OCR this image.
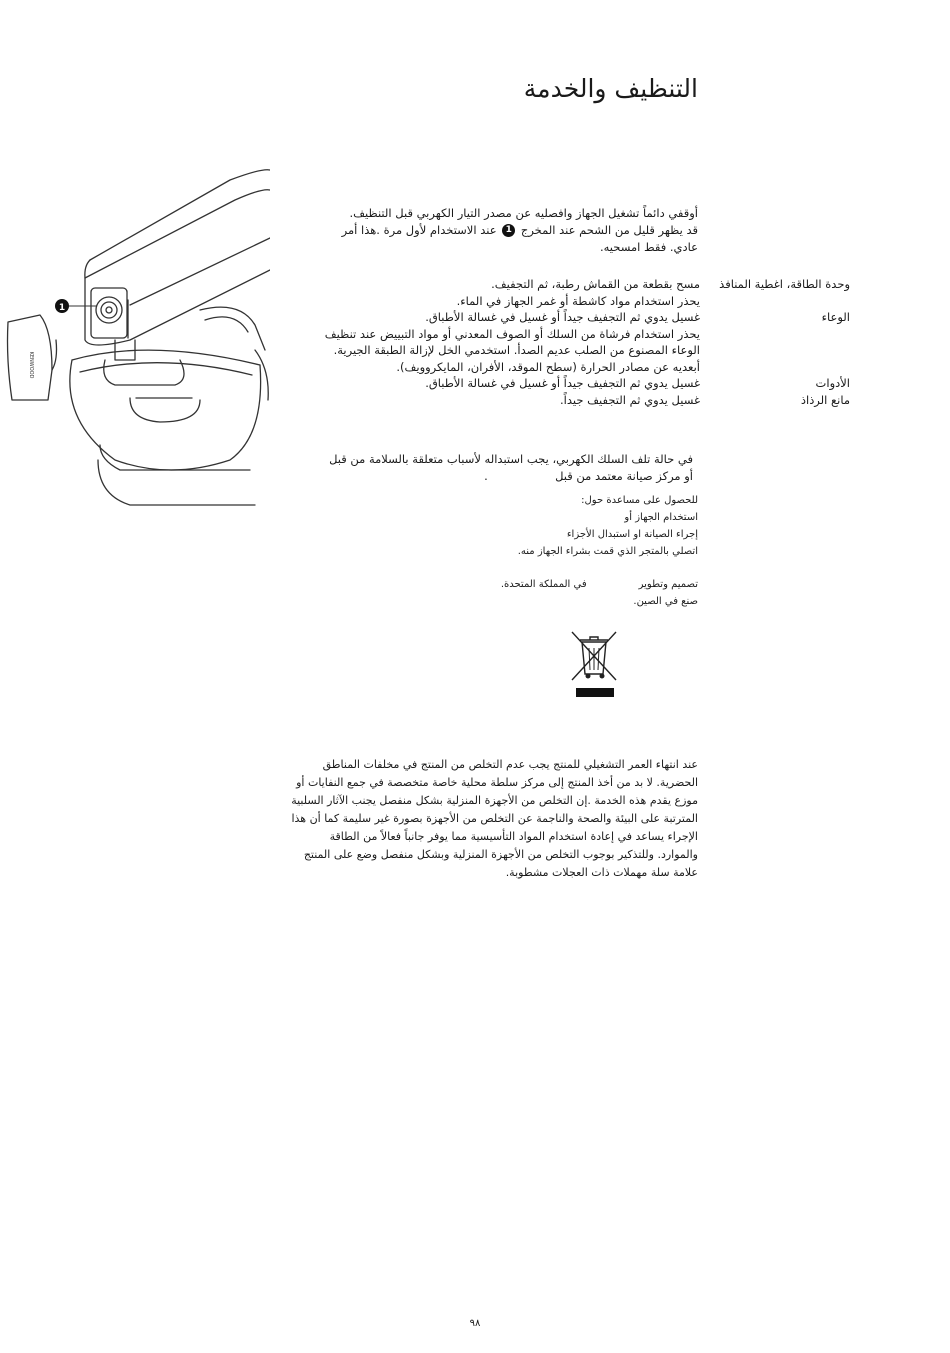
1
KENWOOD
التنظيف والخدمة

أوقفي دائماً تشغيل الجهاز وافصليه عن مصدر التيار الكهربي قبل التنظيف.

قد يظهر قليل من الشحم عند المخرج 1 عند الاستخدام لأول مرة .هذا أمر

عادي. فقط امسحيه.

وحدة الطاقة، اغطية المنافذ

مسح بقطعة من القماش رطبة، ثم التجفيف.

يحذر استخدام مواد كاشطة أو غمر الجهاز في الماء.

الوعاء

غسيل يدوي ثم التجفيف جيداً أو غسيل في غسالة الأطباق.

يحذر استخدام فرشاة من السلك أو الصوف المعدني أو مواد التبييض عند تنظيف

الوعاء المصنوع من الصلب عديم الصدأ. استخدمي الخل لإزالة الطبقة الجيرية.

أبعديه عن مصادر الحرارة (سطح الموقد، الأفران، المايكروويف).

الأدوات

غسيل يدوي ثم التجفيف جيداً أو غسيل في غسالة الأطباق.

مانع الرذاذ

غسيل يدوي ثم التجفيف جيداً.

في حالة تلف السلك الكهربي، يجب استبداله لأسباب متعلقة بالسلامة من قبل

أو مركز صيانة معتمد من قبل  .

للحصول على مساعدة حول:

استخدام الجهاز أو

إجراء الصيانة او استبدال الأجزاء

اتصلي بالمتجر الذي قمت بشراء الجهاز منه.

تصميم وتطويرفي المملكة المتحدة.

صنع في الصين.

عند انتهاء العمر التشغيلي للمنتج يجب عدم التخلص من المنتج في مخلفات المناطق

الحضرية. لا بد من أخذ المنتج إلى مركز سلطة محلية خاصة متخصصة في جمع النفايات أو

موزع يقدم هذه الخدمة .إن التخلص من الأجهزة المنزلية بشكل منفصل يجنب الآثار السلبية

المترتبة على البيئة والصحة والناجمة عن التخلص من الأجهزة بصورة غير سليمة كما أن هذا

الإجراء يساعد في إعادة استخدام المواد التأسيسية مما يوفر جانباً فعالاً من الطاقة

والموارد. وللتذكير بوجوب التخلص من الأجهزة المنزلية وبشكل منفصل وضع على المنتج

علامة سلة مهملات ذات العجلات مشطوبة.

٩٨
